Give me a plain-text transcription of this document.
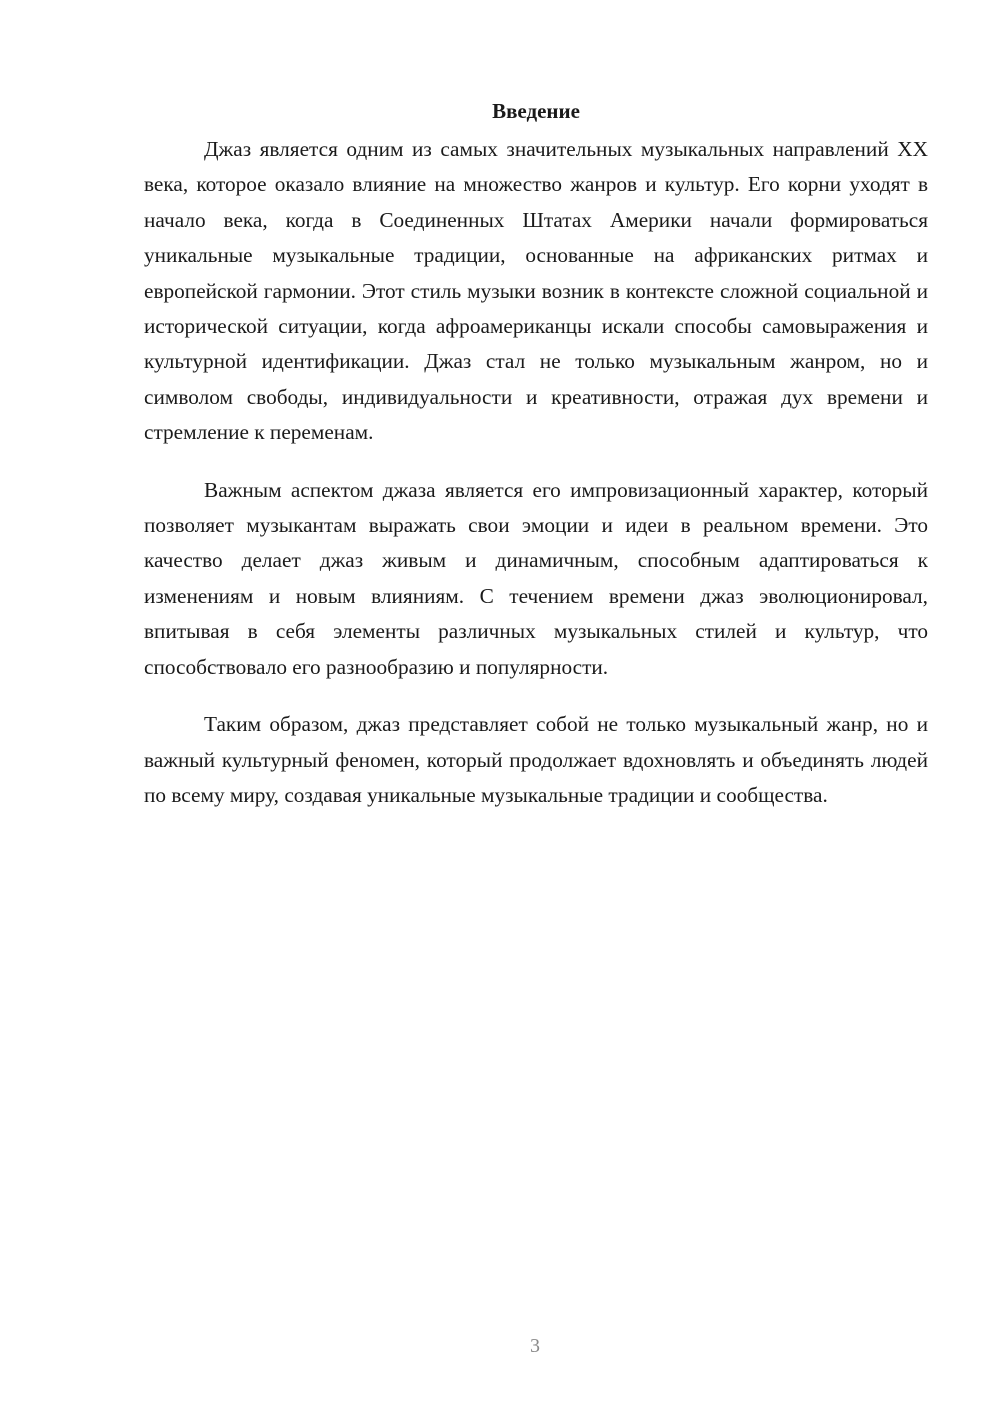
Введение

Джаз является одним из самых значительных музыкальных направлений XX века, которое оказало влияние на множество жанров и культур. Его корни уходят в начало века, когда в Соединенных Штатах Америки начали формироваться уникальные музыкальные традиции, основанные на африканских ритмах и европейской гармонии. Этот стиль музыки возник в контексте сложной социальной и исторической ситуации, когда афроамериканцы искали способы самовыражения и культурной идентификации. Джаз стал не только музыкальным жанром, но и символом свободы, индивидуальности и креативности, отражая дух времени и стремление к переменам.

Важным аспектом джаза является его импровизационный характер, который позволяет музыкантам выражать свои эмоции и идеи в реальном времени. Это качество делает джаз живым и динамичным, способным адаптироваться к изменениям и новым влияниям. С течением времени джаз эволюционировал, впитывая в себя элементы различных музыкальных стилей и культур, что способствовало его разнообразию и популярности.

Таким образом, джаз представляет собой не только музыкальный жанр, но и важный культурный феномен, который продолжает вдохновлять и объединять людей по всему миру, создавая уникальные музыкальные традиции и сообщества.

3
